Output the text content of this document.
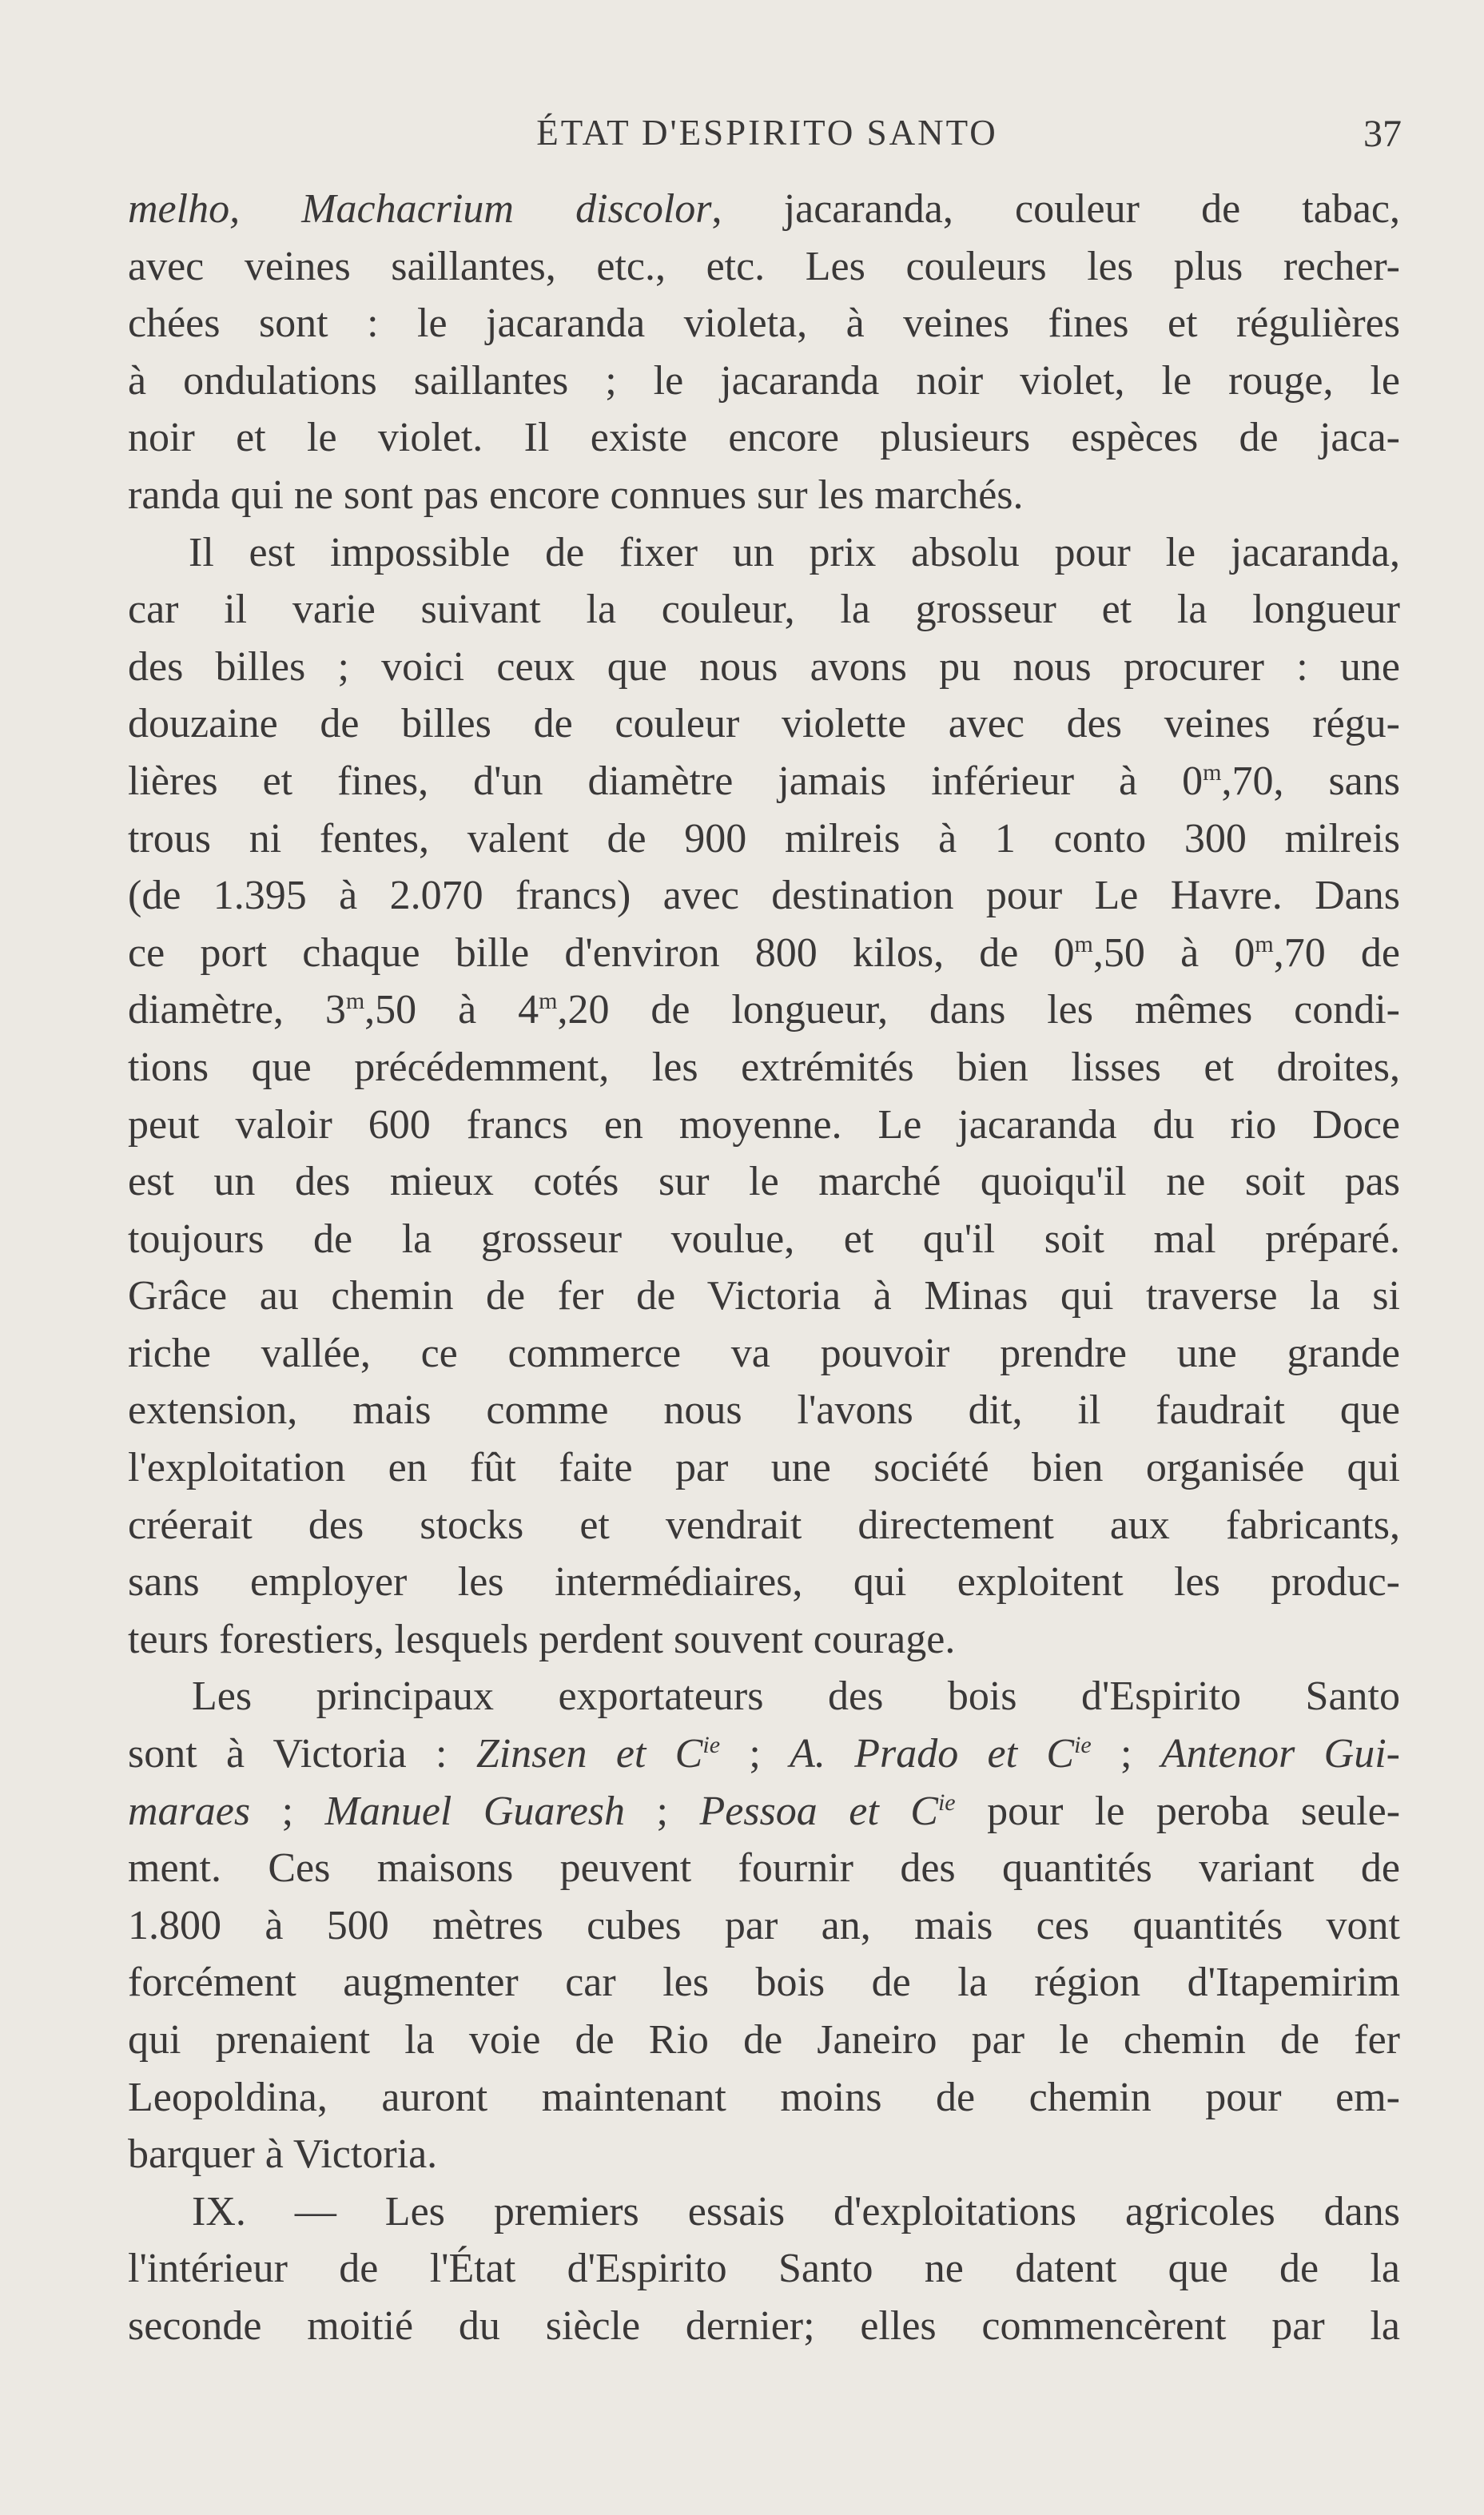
ÉTAT D'ESPIRITO SANTO	37
melho, Machacrium discolor, jacaranda, couleur de tabac,
avec veines saillantes, etc., etc. Les couleurs les plus recher-
chées sont : le jacaranda violeta, à veines fines et régulières
à ondulations saillantes ; le jacaranda noir violet, le rouge, le
noir et le violet. Il existe encore plusieurs espèces de jaca-
randa qui ne sont pas encore connues sur les marchés.
Il est impossible de fixer un prix absolu pour le jacaranda,
car il varie suivant la couleur, la grosseur et la longueur
des billes ; voici ceux que nous avons pu nous procurer : une
douzaine de billes de couleur violette avec des veines régu-
lières et fines, d'un diamètre jamais inférieur à 0$^m$,70, sans
trous ni fentes, valent de 900 milreis à 1 conto 300 milreis
(de 1.395 à 2.070 francs) avec destination pour Le Havre. Dans
ce port chaque bille d'environ 800 kilos, de 0$^m$,50 à 0$^m$,70 de
diamètre, 3$^m$,50 à 4$^m$,20 de longueur, dans les mêmes condi-
tions que précédemment, les extrémités bien lisses et droites,
peut valoir 600 francs en moyenne. Le jacaranda du rio Doce
est un des mieux cotés sur le marché quoiqu'il ne soit pas
toujours de la grosseur voulue, et qu'il soit mal préparé.
Grâce au chemin de fer de Victoria à Minas qui traverse la si
riche vallée, ce commerce va pouvoir prendre une grande
extension, mais comme nous l'avons dit, il faudrait que
l'exploitation en fût faite par une société bien organisée qui
créerait des stocks et vendrait directement aux fabricants,
sans employer les intermédiaires, qui exploitent les produc-
teurs forestiers, lesquels perdent souvent courage.
Les principaux exportateurs des bois d'Espirito Santo
sont à Victoria : Zinsen et $C^{ie}$ ; A. Prado et $C^{ie}$ ; Antenor Gui-
maraes ; Manuel Guaresh ; Pessoa et $C^{ie}$ pour le peroba seule-
ment. Ces maisons peuvent fournir des quantités variant de
1.800 à 500 mètres cubes par an, mais ces quantités vont
forcément augmenter car les bois de la région d'Itapemirim
qui prenaient la voie de Rio de Janeiro par le chemin de fer
Leopoldina, auront maintenant moins de chemin pour em-
barquer à Victoria.
IX. — Les premiers essais d'exploitations agricoles dans
l'intérieur de l'État d'Espirito Santo ne datent que de la
seconde moitié du siècle dernier; elles commencèrent par la
